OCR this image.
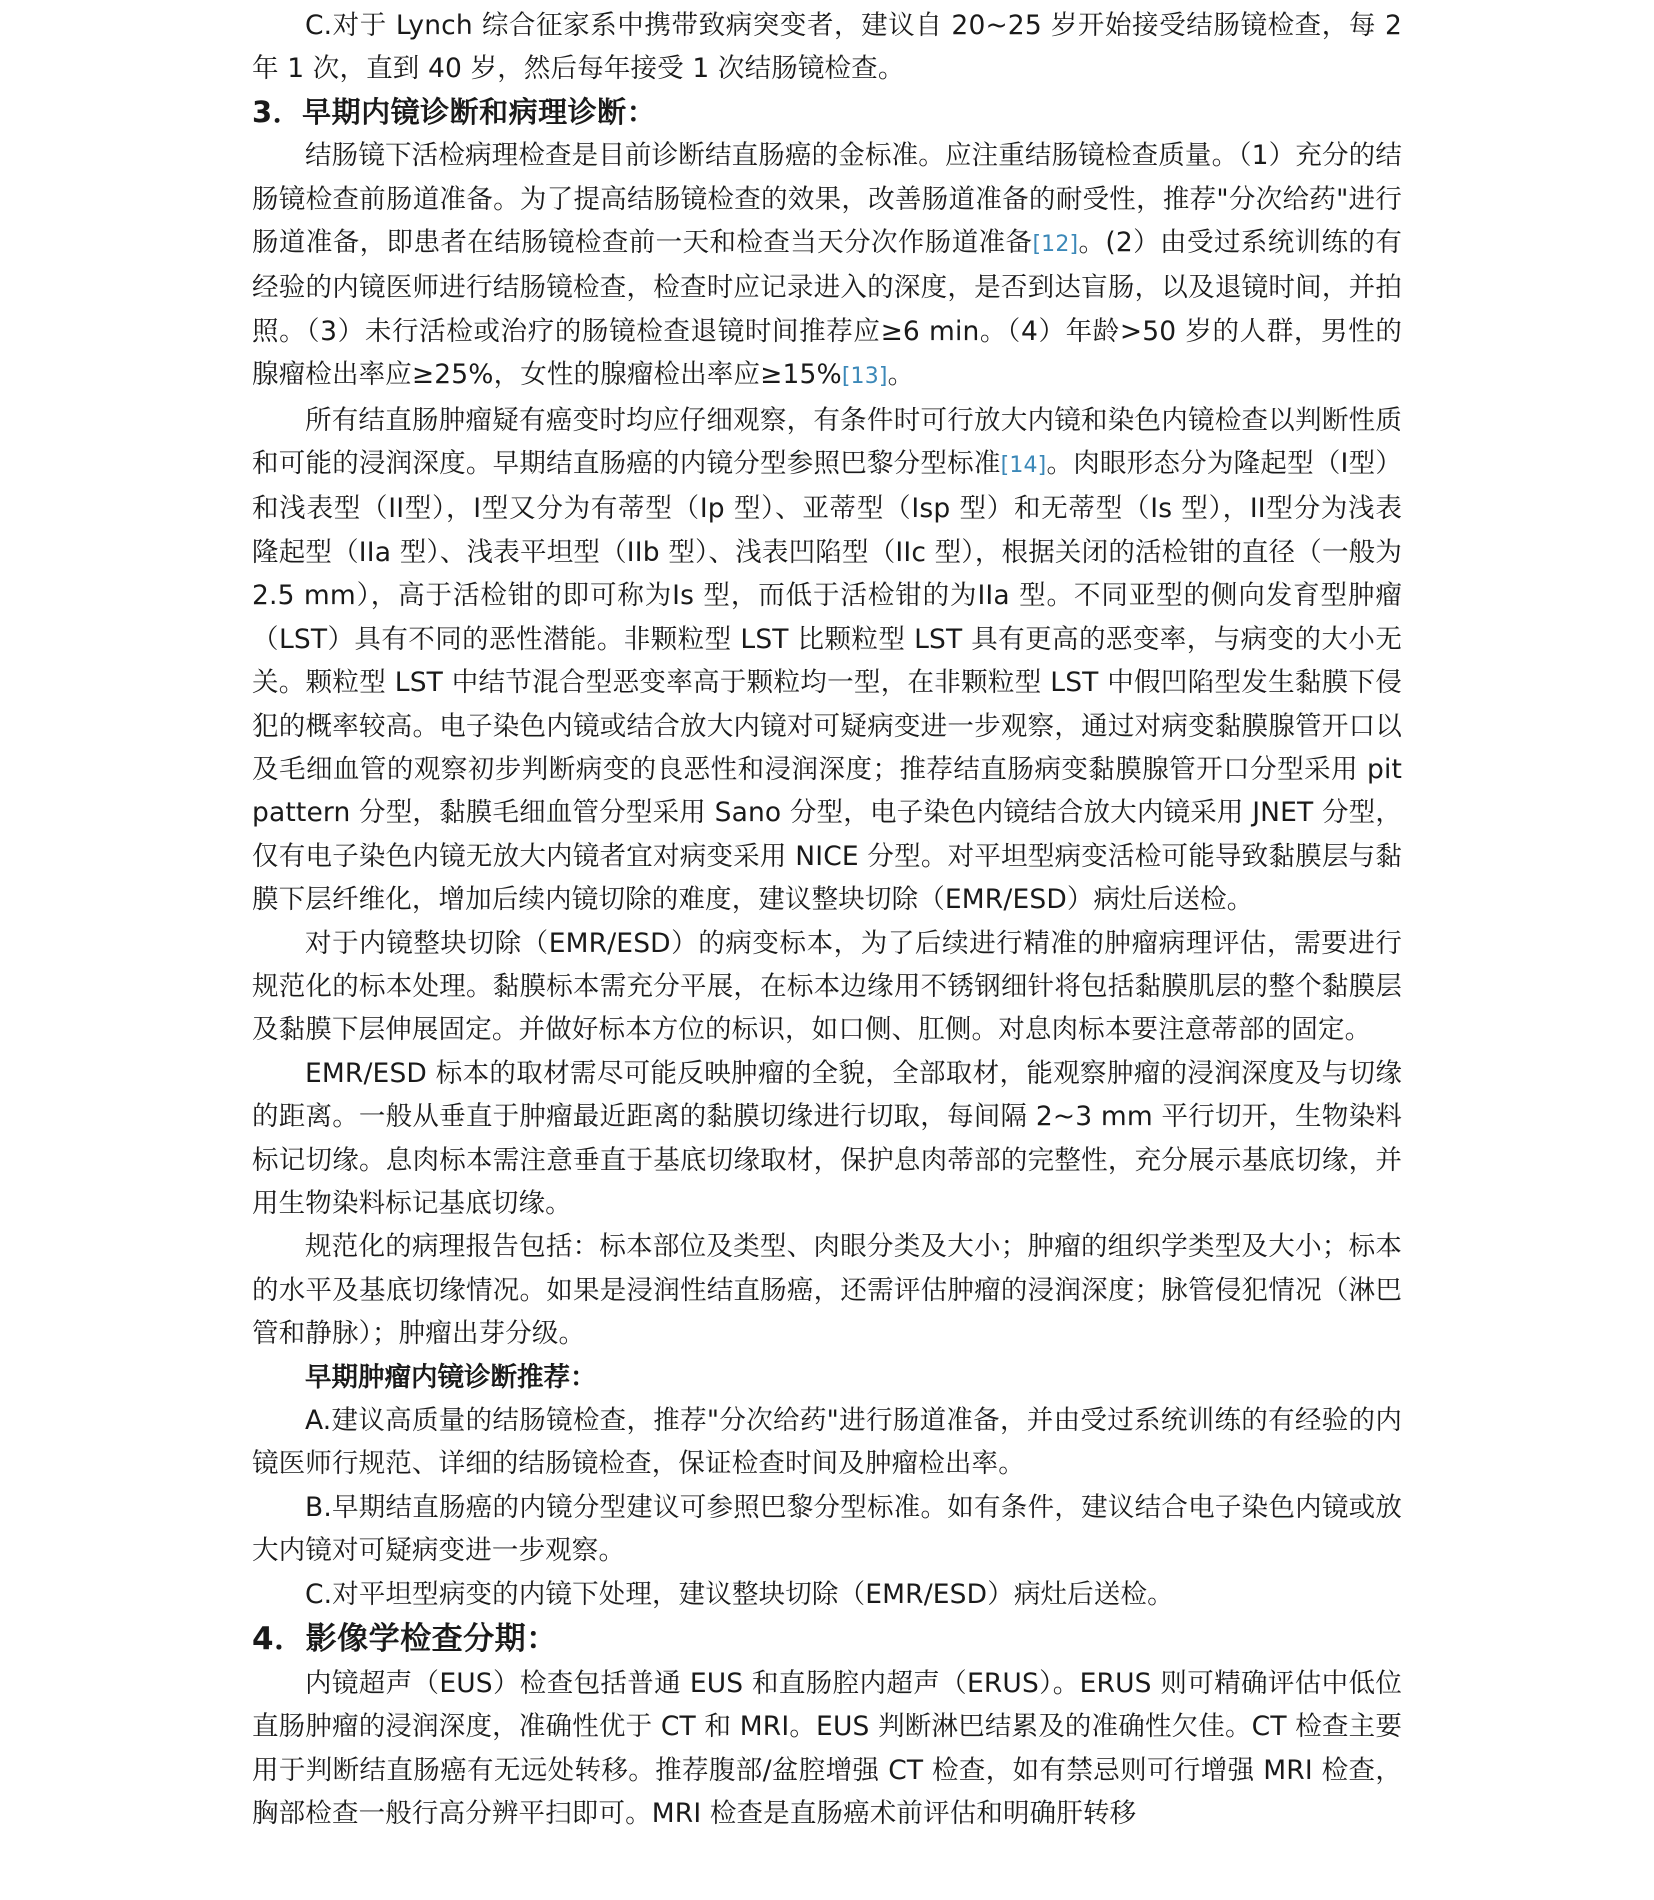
C.对于 Lynch 综合征家系中携带致病突变者，建议自 20~25 岁开始接受结肠镜检查，每 2 年 1 次，直到 40 岁，然后每年接受 1 次结肠镜检查。

3．早期内镜诊断和病理诊断：

结肠镜下活检病理检查是目前诊断结直肠癌的金标准。应注重结肠镜检查质量。（1）充分的结肠镜检查前肠道准备。为了提高结肠镜检查的效果，改善肠道准备的耐受性，推荐"分次给药"进行肠道准备，即患者在结肠镜检查前一天和检查当天分次作肠道准备[12]。(2）由受过系统训练的有经验的内镜医师进行结肠镜检查，检查时应记录进入的深度，是否到达盲肠，以及退镜时间，并拍照。（3）未行活检或治疗的肠镜检查退镜时间推荐应≥6 min。（4）年龄>50 岁的人群，男性的腺瘤检出率应≥25%，女性的腺瘤检出率应≥15%[13]。

所有结直肠肿瘤疑有癌变时均应仔细观察，有条件时可行放大内镜和染色内镜检查以判断性质和可能的浸润深度。早期结直肠癌的内镜分型参照巴黎分型标准[14]。肉眼形态分为隆起型（I型）和浅表型（II型），I型又分为有蒂型（Ip 型）、亚蒂型（Isp 型）和无蒂型（Is 型），II型分为浅表隆起型（IIa 型）、浅表平坦型（IIb 型）、浅表凹陷型（IIc 型），根据关闭的活检钳的直径（一般为 2.5 mm），高于活检钳的即可称为Is 型，而低于活检钳的为IIa 型。不同亚型的侧向发育型肿瘤（LST）具有不同的恶性潜能。非颗粒型 LST 比颗粒型 LST 具有更高的恶变率，与病变的大小无关。颗粒型 LST 中结节混合型恶变率高于颗粒均一型，在非颗粒型 LST 中假凹陷型发生黏膜下侵犯的概率较高。电子染色内镜或结合放大内镜对可疑病变进一步观察，通过对病变黏膜腺管开口以及毛细血管的观察初步判断病变的良恶性和浸润深度；推荐结直肠病变黏膜腺管开口分型采用 pit pattern 分型，黏膜毛细血管分型采用 Sano 分型，电子染色内镜结合放大内镜采用 JNET 分型，仅有电子染色内镜无放大内镜者宜对病变采用 NICE 分型。对平坦型病变活检可能导致黏膜层与黏膜下层纤维化，增加后续内镜切除的难度，建议整块切除（EMR/ESD）病灶后送检。

对于内镜整块切除（EMR/ESD）的病变标本，为了后续进行精准的肿瘤病理评估，需要进行规范化的标本处理。黏膜标本需充分平展，在标本边缘用不锈钢细针将包括黏膜肌层的整个黏膜层及黏膜下层伸展固定。并做好标本方位的标识，如口侧、肛侧。对息肉标本要注意蒂部的固定。

EMR/ESD 标本的取材需尽可能反映肿瘤的全貌，全部取材，能观察肿瘤的浸润深度及与切缘的距离。一般从垂直于肿瘤最近距离的黏膜切缘进行切取，每间隔 2~3 mm 平行切开，生物染料标记切缘。息肉标本需注意垂直于基底切缘取材，保护息肉蒂部的完整性，充分展示基底切缘，并用生物染料标记基底切缘。

规范化的病理报告包括：标本部位及类型、肉眼分类及大小；肿瘤的组织学类型及大小；标本的水平及基底切缘情况。如果是浸润性结直肠癌，还需评估肿瘤的浸润深度；脉管侵犯情况（淋巴管和静脉）；肿瘤出芽分级。

早期肿瘤内镜诊断推荐：

A.建议高质量的结肠镜检查，推荐"分次给药"进行肠道准备，并由受过系统训练的有经验的内镜医师行规范、详细的结肠镜检查，保证检查时间及肿瘤检出率。

B.早期结直肠癌的内镜分型建议可参照巴黎分型标准。如有条件，建议结合电子染色内镜或放大内镜对可疑病变进一步观察。

C.对平坦型病变的内镜下处理，建议整块切除（EMR/ESD）病灶后送检。

4．影像学检查分期：

内镜超声（EUS）检查包括普通 EUS 和直肠腔内超声（ERUS）。ERUS 则可精确评估中低位直肠肿瘤的浸润深度，准确性优于 CT 和 MRI。EUS 判断淋巴结累及的准确性欠佳。CT 检查主要用于判断结直肠癌有无远处转移。推荐腹部/盆腔增强 CT 检查，如有禁忌则可行增强 MRI 检查，胸部检查一般行高分辨平扫即可。MRI 检查是直肠癌术前评估和明确肝转移
